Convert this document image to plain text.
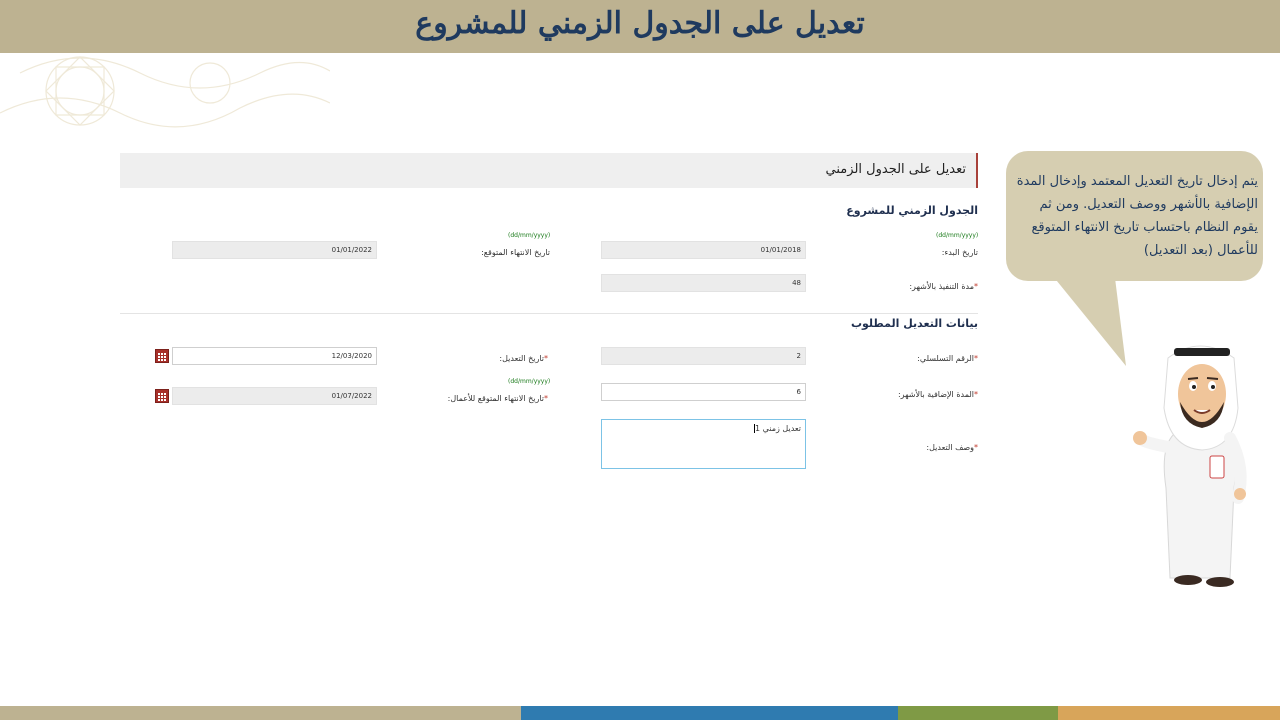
تعديل على الجدول الزمني للمشروع
تعديل على الجدول الزمني
الجدول الزمني للمشروع
(dd/mm/yyyy)
تاريخ البدء:
01/01/2018
(dd/mm/yyyy)
تاريخ الانتهاء المتوقع:
01/01/2022
*مدة التنفيذ بالأشهر:
48
بيانات التعديل المطلوب
*الرقم التسلسلي:
2
*تاريخ التعديل:
12/03/2020
(dd/mm/yyyy)
*المدة الإضافية بالأشهر:
6
*تاريخ الانتهاء المتوقع للأعمال:
01/07/2022
*وصف التعديل:
تعديل زمني 1
يتم إدخال تاريخ التعديل المعتمد وإدخال المدة الإضافية بالأشهر ووصف التعديل. ومن ثم يقوم النظام باحتساب تاريخ الانتهاء المتوقع للأعمال (بعد التعديل)
